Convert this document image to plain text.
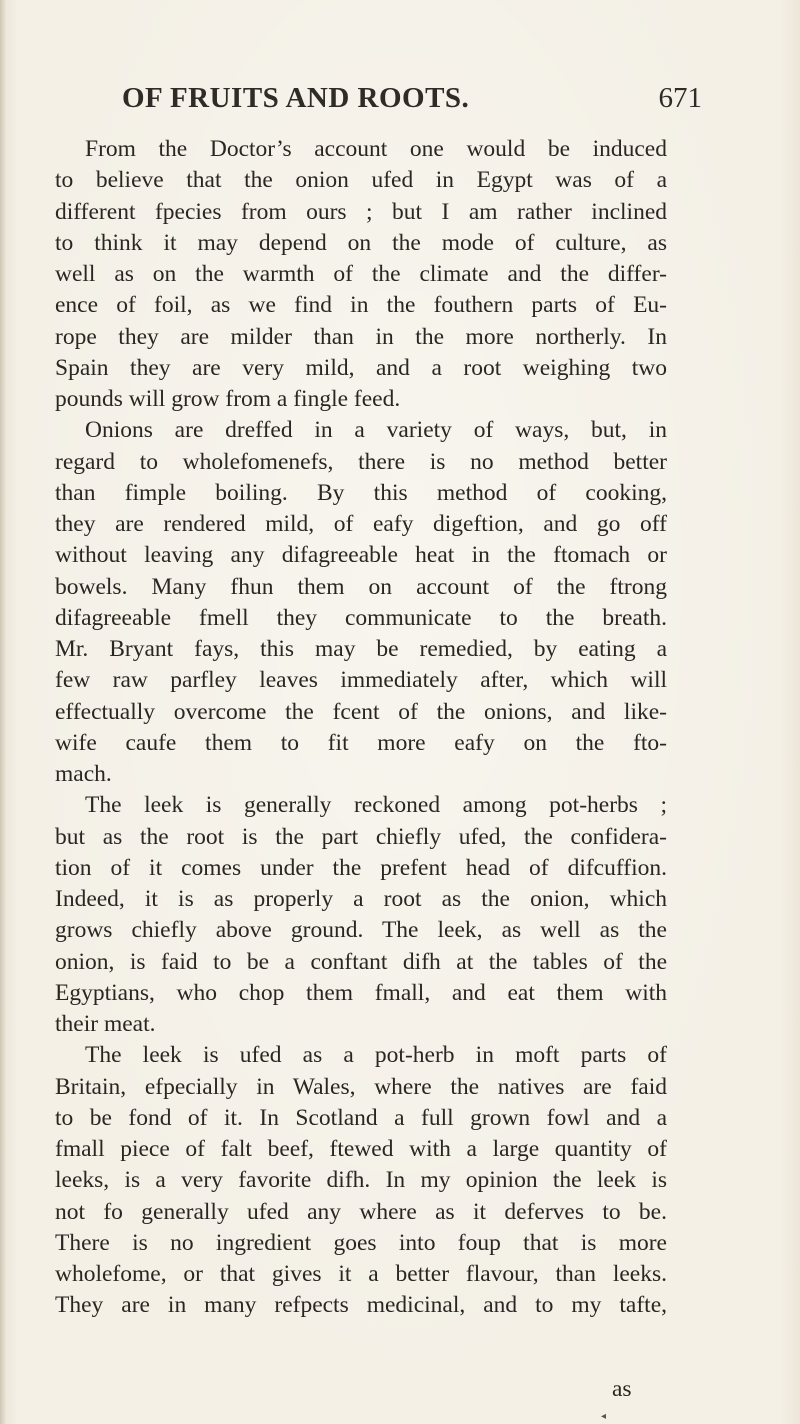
OF FRUITS AND ROOTS.	671
From the Doctor’s account one would be induced
to believe that the onion ufed in Egypt was of a
different fpecies from ours ; but I am rather inclined
to think it may depend on the mode of culture, as
well as on the warmth of the climate and the differ-
ence of foil, as we find in the fouthern parts of Eu-
rope they are milder than in the more northerly. In
Spain they are very mild, and a root weighing two
pounds will grow from a fingle feed.
Onions are dreffed in a variety of ways, but, in
regard to wholefomenefs, there is no method better
than fimple boiling. By this method of cooking,
they are rendered mild, of eafy digeftion, and go off
without leaving any difagreeable heat in the ftomach or
bowels. Many fhun them on account of the ftrong
difagreeable fmell they communicate to the breath.
Mr. Bryant fays, this may be remedied, by eating a
few raw parfley leaves immediately after, which will
effectually overcome the fcent of the onions, and like-
wife caufe them to fit more eafy on the fto-
mach.
The leek is generally reckoned among pot-herbs ;
but as the root is the part chiefly ufed, the confidera-
tion of it comes under the prefent head of difcuffion.
Indeed, it is as properly a root as the onion, which
grows chiefly above ground. The leek, as well as the
onion, is faid to be a conftant difh at the tables of the
Egyptians, who chop them fmall, and eat them with
their meat.
The leek is ufed as a pot-herb in moft parts of
Britain, efpecially in Wales, where the natives are faid
to be fond of it. In Scotland a full grown fowl and a
fmall piece of falt beef, ftewed with a large quantity of
leeks, is a very favorite difh. In my opinion the leek is
not fo generally ufed any where as it deferves to be.
There is no ingredient goes into foup that is more
wholefome, or that gives it a better flavour, than leeks.
They are in many refpects medicinal, and to my tafte,
as
◂
